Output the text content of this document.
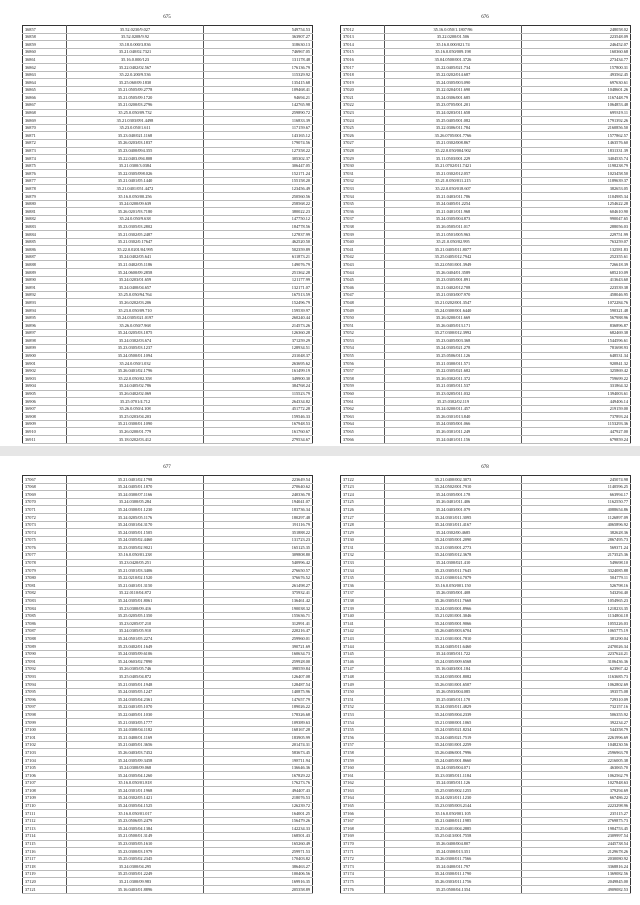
675
36857	35.52.0230/9.027	549754.53
36858	35.52.0208/9.92	363907.27
36859	35.18.0.000/3.836	318630.13
36860	35.21.040/02.7321	746967.05
36861	35.16.0.000/123	131178.48
36862	35.22.0402/02.567	176136.79
36863	35.22.0.200/9.536	115329.92
36864	35.25.060/09.1830	135415.68
36865	35.21.0505/09.2778	109468.41
36866	35.21.0505/09.1720	94694.21
36867	35.21.0200/03.2796	142765.98
36868	35.25.0.050/09.732	259890.72
36869	35.21.0303/091.4498	116833.39
36870	35.23.0.050/1.611	117159.67
36871	35.23.040/021.1168	143165.12
36872	35.26.0203/03.1837	179074.56
36873	35.23.0400/094.355	127358.22
36874	35.22.0403.094.808	305302.37
36875	35.21.0300/3.0384	306447.05
36876	35.22.0305/098.026	152171.24
36877	35.21.0401/05.1440	155158.20
36878	35.21.0401/051.4472	123456.49
36879	35.16.0.050/00.256	250560.56
36880	35.24.0200/09.639	258568.22
36881	35.26.0201/93.7180	380022.23
36882	35.24.0.050/9.638	147750.12
36883	35.23.0305/03.2802	184778.56
36884	35.21.0302/05.2487	127837.99
36885	35.21.0302/0.17647	462520.50
36886	35.22.0.0201/04.995	502359.89
36887	35.24.0402/05.641	611873.21
36888	35.21.0402/05.1186	149076.79
36889	35.24.0600/09.2858	251362.28
36890	35.24.0203/01.659	121177.99
36891	35.24.0400/04.657	132171.07
36892	35.25.0.050/94.764	167513.59
36893	35.26.0202/03.206	152496.79
36894	35.23.0.050/09.710	159539.97
36895	35.24.0305/021.0197	260240.44
36896	35.26.0.050/7.968	214573.26
36897	35.24.0205/03.1875	126360.28
36898	35.24.0302/03.674	371259.29
36899	35.23.0305/03.1237	128934.51
36900	35.24.0500/01.1094	231048.37
36901	35.24.0.050/1.032	263695.62
36902	35.26.0401/02.1796	161499.19
36903	35.22.0.050/02.358	349900.30
36904	35.24.0405/02.786	384768.24
36905	35.26.0402/02.069	115523.79
36906	35.25.0701/4.712	264334.82
36907	35.26.0.050/4.108	451772.28
36908	35.25.0203/04.203	159546.33
36909	35.21.0300/01.1090	167948.53
36910	35.26.0200/01.779	161760.67
36911	35.18.0202/03.412	279534.67
676
37012	35.16.0.050/1.1807/96	248058.02
37013	35.22.0200/01.506	223548.09
37014	35.16.0.000/021.74	246452.07
37015	35.16.0.050/009.198	160360.68
37016	35.04.0500/001.3726	273434.77
37017	35.22.0405/021.734	157800.31
37018	35.22.0202/014.687	493562.45
37019	35.24.0305/003.090	697630.61
37020	35.22.0204/011.690	1048601.26
37021	35.24.0306/001.685	1167448.79
37022	35.23.0705/001.201	1064853.48
37023	35.24.0203/011.658	699319.11
37024	35.25.0405/001.082	1791392.26
37025	35.22.0306/011.784	2160856.50
37026	35.26.0705/001.7766	1577862.57
37027	35.21.0302/008.867	1463576.60
37028	35.22.0.050/004.902	1831331.39
37029	35.11.0503/001.229	3404535.74
37030	35.21.0702/011.7421	1198238.79
37031	35.21.0302/012.057	1023458.50
37032	35.21.0.050/011.215	1189639.37
37033	35.22.0.050/018.607	382653.05
37034	35.21.0403/011.786	1104985.34
37035	35.24.0405/01.2254	1254622.28
37036	35.21.0401/011.968	604610.90
37037	35.24.0305/004.873	990047.65
37038	35.26.0505/011.017	288056.03
37039	35.21.0501/005.963	229751.99
37040	35.21.0.050/02.995	763259.07
37041	35.21.0405/011.8077	132581.83
37042	35.25.0405/012.7942	252355.61
37043	35.22.0501/001.3949	726618.39
37044	35.26.0404/01.3589	685210.09
37045	35.23.0305/001.891	413643.60
37046	35.21.0402/012.708	223539.38
37047	35.21.0303/007.970	458046.95
37048	35.21.0202/001.3547	1072284.76
37049	35.24.0300/001.6440	590321.48
37050	35.26.0200/011.669	567988.96
37051	35.26.0405/013.171	836896.87
37052	35.27.0300/012.3992	682469.38
37053	35.23.0405/003.368	1544596.61
37054	35.24.0305/021.278	781698.93
37055	35.25.0506/011.126	648531.34
37056	35.21.0300/011.571	920841.32
37057	35.22.0305/021.682	325869.42
37058	35.26.0302/011.372	759699.22
37059	35.21.0305/011.537	331864.32
37060	35.23.0205/011.032	1394003.61
37061	35.25.0302/02.119	449406.14
37062	35.24.0200/011.457	219159.00
37063	35.26.0301/013.840	737893.24
37064	35.24.0305/001.066	1153293.36
37065	35.26.0301/011.249	447927.00
37066	35.24.0401/011.156	679859.24
677
37067	35.21.0401/02.1798	223649.54
37068	35.24.0405/01.1870	270640.62
37069	35.24.0300/07.1166	240336.78
37070	35.24.0300/05.284	194041.07
37071	35.24.0300/01.1230	183736.34
37072	35.24.0205/05.1176	180297.48
37073	35.24.0301/04.3170	191116.79
37074	35.24.0305/01.1505	351888.22
37075	35.24.0305/02.4460	131723.23
37076	35.23.0305/02.9021	165125.35
37077	35.16.0.050/01.238	309808.80
37078	35.23.0420/05.251	540996.42
37079	35.21.0301/03.3406	276650.57
37080	35.22.0210/02.1520	376676.52
37081	35.21.0401/01.3150	261498.27
37082	35.22.0110/04.872	375932.41
37083	35.24.0305/01.8061	136461.42
37084	35.23.0300/09.416	190038.32
37085	35.25.0205/05.1350	155636.71
37086	35.23.0205/07.210	312991.41
37087	35.24.0305/05.910	220216.47
37088	35.24.0501/05.2274	259960.01
37089	35.23.0402/01.1649	390721.69
37090	35.24.0305/09.6106	160634.73
37091	35.24.0603/02.7890	259928.00
37092	35.26.0305/05.746	398559.84
37093	35.25.0405/04.872	126407.08
37094	35.21.0305/01.1948	128487.54
37095	35.24.0305/05.1247	140875.96
37096	35.24.0305/04.2361	147657.79
37097	35.22.0401/05.1070	189026.22
37098	35.22.0405/01.1030	178326.68
37099	35.21.0303/05.1777	109389.63
37100	35.24.0300/04.1182	168167.28
37101	35.21.0400/01.1169	183905.99
37102	35.21.0405/01.3656	201474.31
37103	35.26.0403/03.7452	583673.45
37104	35.24.0305/09.3458	198711.94
37105	35.24.0300/09.068	136646.36
37106	35.24.0305/04.1260	167829.22
37107	35.16.0.050/01.818	176273.76
37108	35.24.0301/01.1968	494407.43
37109	35.24.0302/05.1421	218076.53
37110	35.24.0305/04.1525	126239.72
37111	35.16.0.050/01.017	164001.25
37112	35.23.0506/05.2479	156479.26
37113	35.24.0305/04.1384	142234.33
37114	35.21.0500/01.3149	168501.43
37115	35.23.0305/05.1610	165260.49
37116	35.23.0300/03.1979	259971.53
37117	35.25.0305/02.2345	170403.82
37118	35.24.0300/04.295	386463.27
37119	35.25.0305/01.2249	100406.56
37120	35.21.0300/09.983	169916.35
37121	35.16.0403/01.8896	205358.89
678
37122	35.21.0400/002.3073	245074.98
37123	35.24.0502/001.7910	1140596.25
37124	35.24.0305/001.178	663994.17
37125	35.26.0401/011.406	1162550.77
37126	35.24.0403/001.079	4088654.86
37127	35.24.0301/011.3095	1126897.09
37128	35.24.0301/011.4167	4065896.92
37129	35.24.0302/00.4685	382628.36
37130	35.24.0305/001.2090	2867495.73
37131	35.21.0305/001.2773	569371.24
37132	35.24.0305/012.3678	2173525.36
37133	35.24.0300/021.410	549698.10
37134	35.23.0305/011.7645	3324085.88
37135	35.21.0300/014.7079	504779.11
37136	35.16.0.050/001.150	526798.16
37137	35.26.0305/001.408	543294.40
37138	35.26.0305/011.7668	1054965.23
37139	35.24.0305/001.8966	1218233.35
37140	35.21.0201/001.3046	1134804.18
37141	35.24.0305/001.9066	1055226.03
37142	35.26.0405/003.6704	1065775.19
37143	35.21.0301/001.7810	381290.04
37144	35.24.0405/011.6460	2470026.34
37145	35.24.0305/011.722	2237624.21
37146	35.24.0305/009.6568	3106436.36
37147	35.16.0403/001.184	623967.42
37148	35.24.0305/001.8082	1163685.73
37149	35.26.0301/001.6507	1062802.69
37150	35.26.0503/004.085	393575.08
37151	35.25.0305/011.170	729310.09
37152	35.24.0305/011.4829	732157.16
37153	35.24.0305/004.2339	506355.92
37154	35.21.0300/001.1065	392234.27
37155	35.24.0305/021.8234	544358.79
37156	35.24.0405/021.7519	2261996.69
37157	35.24.0301/001.2259	1048230.56
37158	35.26.0406/001.7996	2596963.78
37159	35.24.0405/001.8660	2216005.38
37160	35.24.0305/004.071	463065.70
37161	35.23.0305/011.1184	1062562.79
37162	35.24.0305/011.126	1027848.63
37163	35.25.0305/002.1255	379294.69
37164	35.24.0201/011.1230	667486.22
37165	35.23.0305/003.2144	2223298.96
37166	35.16.0.050/001.105	235115.27
37167	35.21.0400/011.1985	2769875.73
37168	35.25.0401/004.2885	1984753.45
37169	35.25.0413/001.7558	2309997.54
37170	35.26.0400/004.807	2445738.54
37171	35.24.0300/013.351	2129678.26
37172	35.26.0300/011.7566	2030080.92
37173	35.24.0400/011.797	3368816.24
37174	35.24.0300/011.1790	1369082.56
37175	35.26.0303/011.1756	2049845.00
37176	35.25.0500/04.1354	4909082.53
